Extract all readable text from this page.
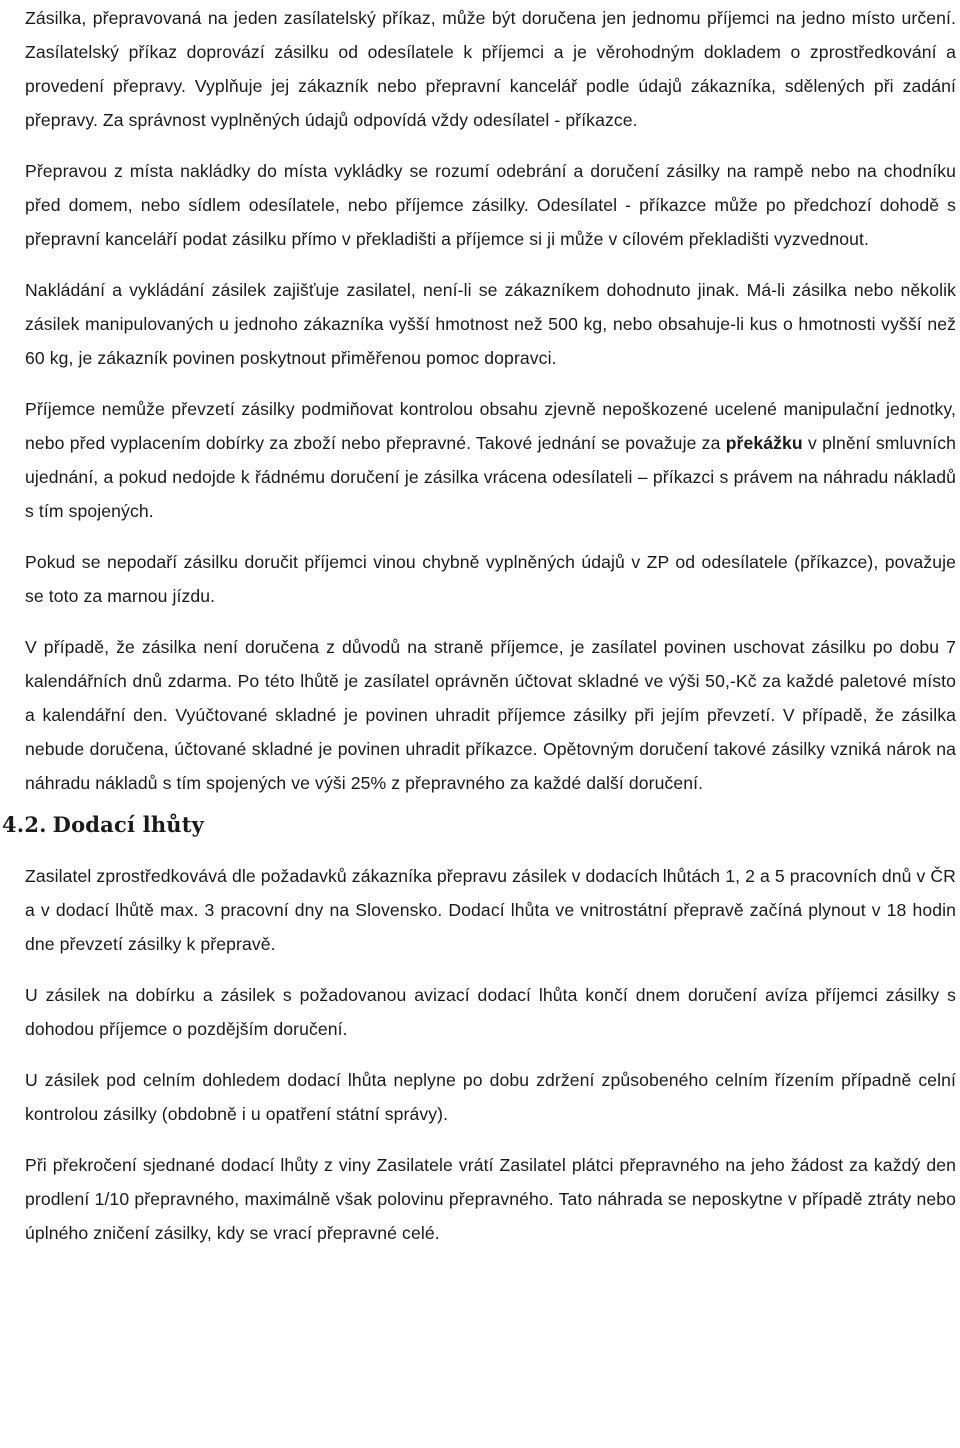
Zásilka, přepravovaná na jeden zasílatelský příkaz, může být doručena jen jednomu příjemci na jedno místo určení. Zasílatelský příkaz doprovází zásilku od odesílatele k příjemci a je věrohodným dokladem o zprostředkování a provedení přepravy. Vyplňuje jej zákazník nebo přepravní kancelář podle údajů zákazníka, sdělených při zadání přepravy. Za správnost vyplněných údajů odpovídá vždy odesílatel - příkazce.

Přepravou z místa nakládky do místa vykládky se rozumí odebrání a doručení zásilky na rampě nebo na chodníku před domem, nebo sídlem odesílatele, nebo příjemce zásilky. Odesílatel - příkazce může po předchozí dohodě s přepravní kanceláří podat zásilku přímo v překladišti a příjemce si ji může v cílovém překladišti vyzvednout.

Nakládání a vykládání zásilek zajišťuje zasilatel, není-li se zákazníkem dohodnuto jinak. Má-li zásilka nebo několik zásilek manipulovaných u jednoho zákazníka vyšší hmotnost než 500 kg, nebo obsahuje-li kus o hmotnosti vyšší než 60 kg, je zákazník povinen poskytnout přiměřenou pomoc dopravci.

Příjemce nemůže převzetí zásilky podmiňovat kontrolou obsahu zjevně nepoškozené ucelené manipulační jednotky, nebo před vyplacením dobírky za zboží nebo přepravné. Takové jednání se považuje za překážku v plnění smluvních ujednání, a pokud nedojde k řádnému doručení je zásilka vrácena odesílateli – příkazci s právem na náhradu nákladů s tím spojených.

Pokud se nepodaří zásilku doručit příjemci vinou chybně vyplněných údajů v ZP od odesílatele (příkazce), považuje se toto za marnou jízdu.

V případě, že zásilka není doručena z důvodů na straně příjemce, je zasílatel povinen uschovat zásilku po dobu 7 kalendářních dnů zdarma. Po této lhůtě je zasílatel oprávněn účtovat skladné ve výši 50,-Kč za každé paletové místo a kalendářní den. Vyúčtované skladné je povinen uhradit příjemce zásilky při jejím převzetí. V případě, že zásilka nebude doručena, účtované skladné je povinen uhradit příkazce. Opětovným doručení takové zásilky vzniká nárok na náhradu nákladů s tím spojených ve výši 25% z přepravného za každé další doručení.

4.2. Dodací lhůty

Zasilatel zprostředkovává dle požadavků zákazníka přepravu zásilek v dodacích lhůtách 1, 2 a 5 pracovních dnů v ČR a v dodací lhůtě max. 3 pracovní dny na Slovensko. Dodací lhůta ve vnitrostátní přepravě začíná plynout v 18 hodin dne převzetí zásilky k přepravě.

U zásilek na dobírku a zásilek s požadovanou avizací dodací lhůta končí dnem doručení avíza příjemci zásilky s dohodou příjemce o pozdějším doručení.

U zásilek pod celním dohledem dodací lhůta neplyne po dobu zdržení způsobeného celním řízením případně celní kontrolou zásilky (obdobně i u opatření státní správy).

Při překročení sjednané dodací lhůty z viny Zasilatele vrátí Zasilatel plátci přepravného na jeho žádost za každý den prodlení 1/10 přepravného, maximálně však polovinu přepravného. Tato náhrada se neposkytne v případě ztráty nebo úplného zničení zásilky, kdy se vrací přepravné celé.
